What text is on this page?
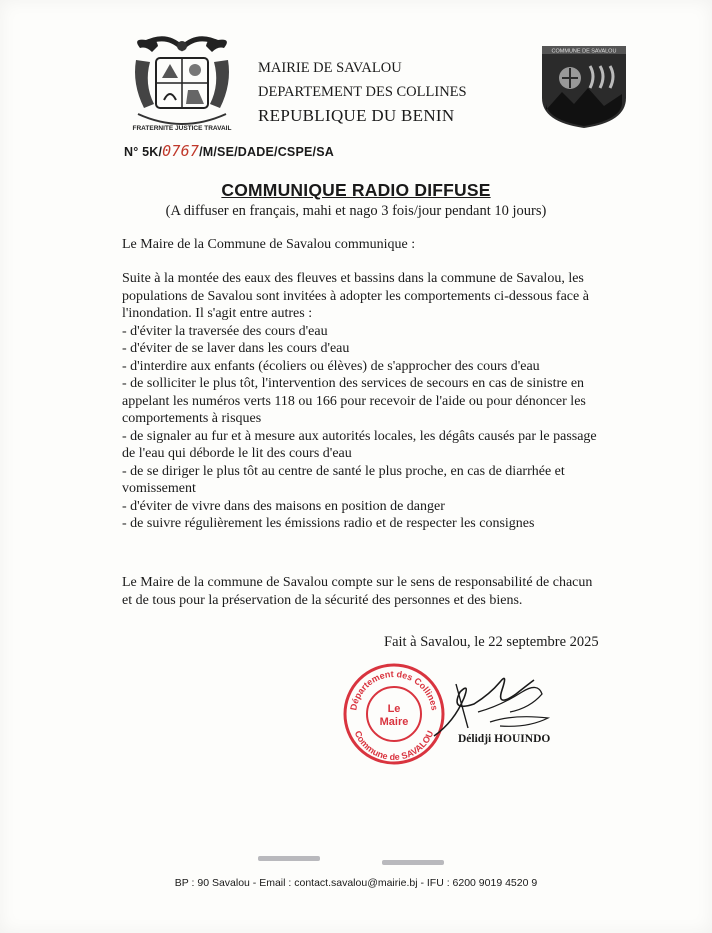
FRATERNITE JUSTICE TRAVAIL
MAIRIE DE SAVALOU
DEPARTEMENT DES COLLINES
REPUBLIQUE DU BENIN
COMMUNE DE SAVALOU
N° 5K/0767/M/SE/DADE/CSPE/SA
COMMUNIQUE RADIO DIFFUSE
(A diffuser en français, mahi et nago 3 fois/jour pendant 10 jours)
Le Maire de la Commune de Savalou communique :

Suite à la montée des eaux des fleuves et bassins dans la commune de Savalou, les

populations de Savalou sont invitées à adopter les comportements ci-dessous face à

l'inondation. Il s'agit entre autres :

- d'éviter la traversée des cours d'eau

- d'éviter de se laver dans les cours d'eau

- d'interdire aux enfants (écoliers ou élèves) de s'approcher des cours d'eau

- de solliciter le plus tôt, l'intervention des services de secours en cas de sinistre en

appelant les numéros verts 118 ou 166 pour recevoir de l'aide ou pour dénoncer les

comportements à risques

- de signaler au fur et à mesure aux autorités locales, les dégâts causés par le passage

de l'eau qui déborde le lit des cours d'eau

- de se diriger le plus tôt au centre de santé le plus proche, en cas de diarrhée et

vomissement

- d'éviter de vivre dans des maisons en position de danger

- de suivre régulièrement les émissions radio et de respecter les consignes

Le Maire de la commune de Savalou compte sur le sens de responsabilité de chacun

et de tous pour la préservation de la sécurité des personnes et des biens.

Fait à Savalou, le 22 septembre 2025
Département des Collines
Commune de SAVALOU
Le
Maire
Délidji HOUINDO
BP : 90 Savalou - Email : contact.savalou@mairie.bj - IFU : 6200 9019 4520 9
